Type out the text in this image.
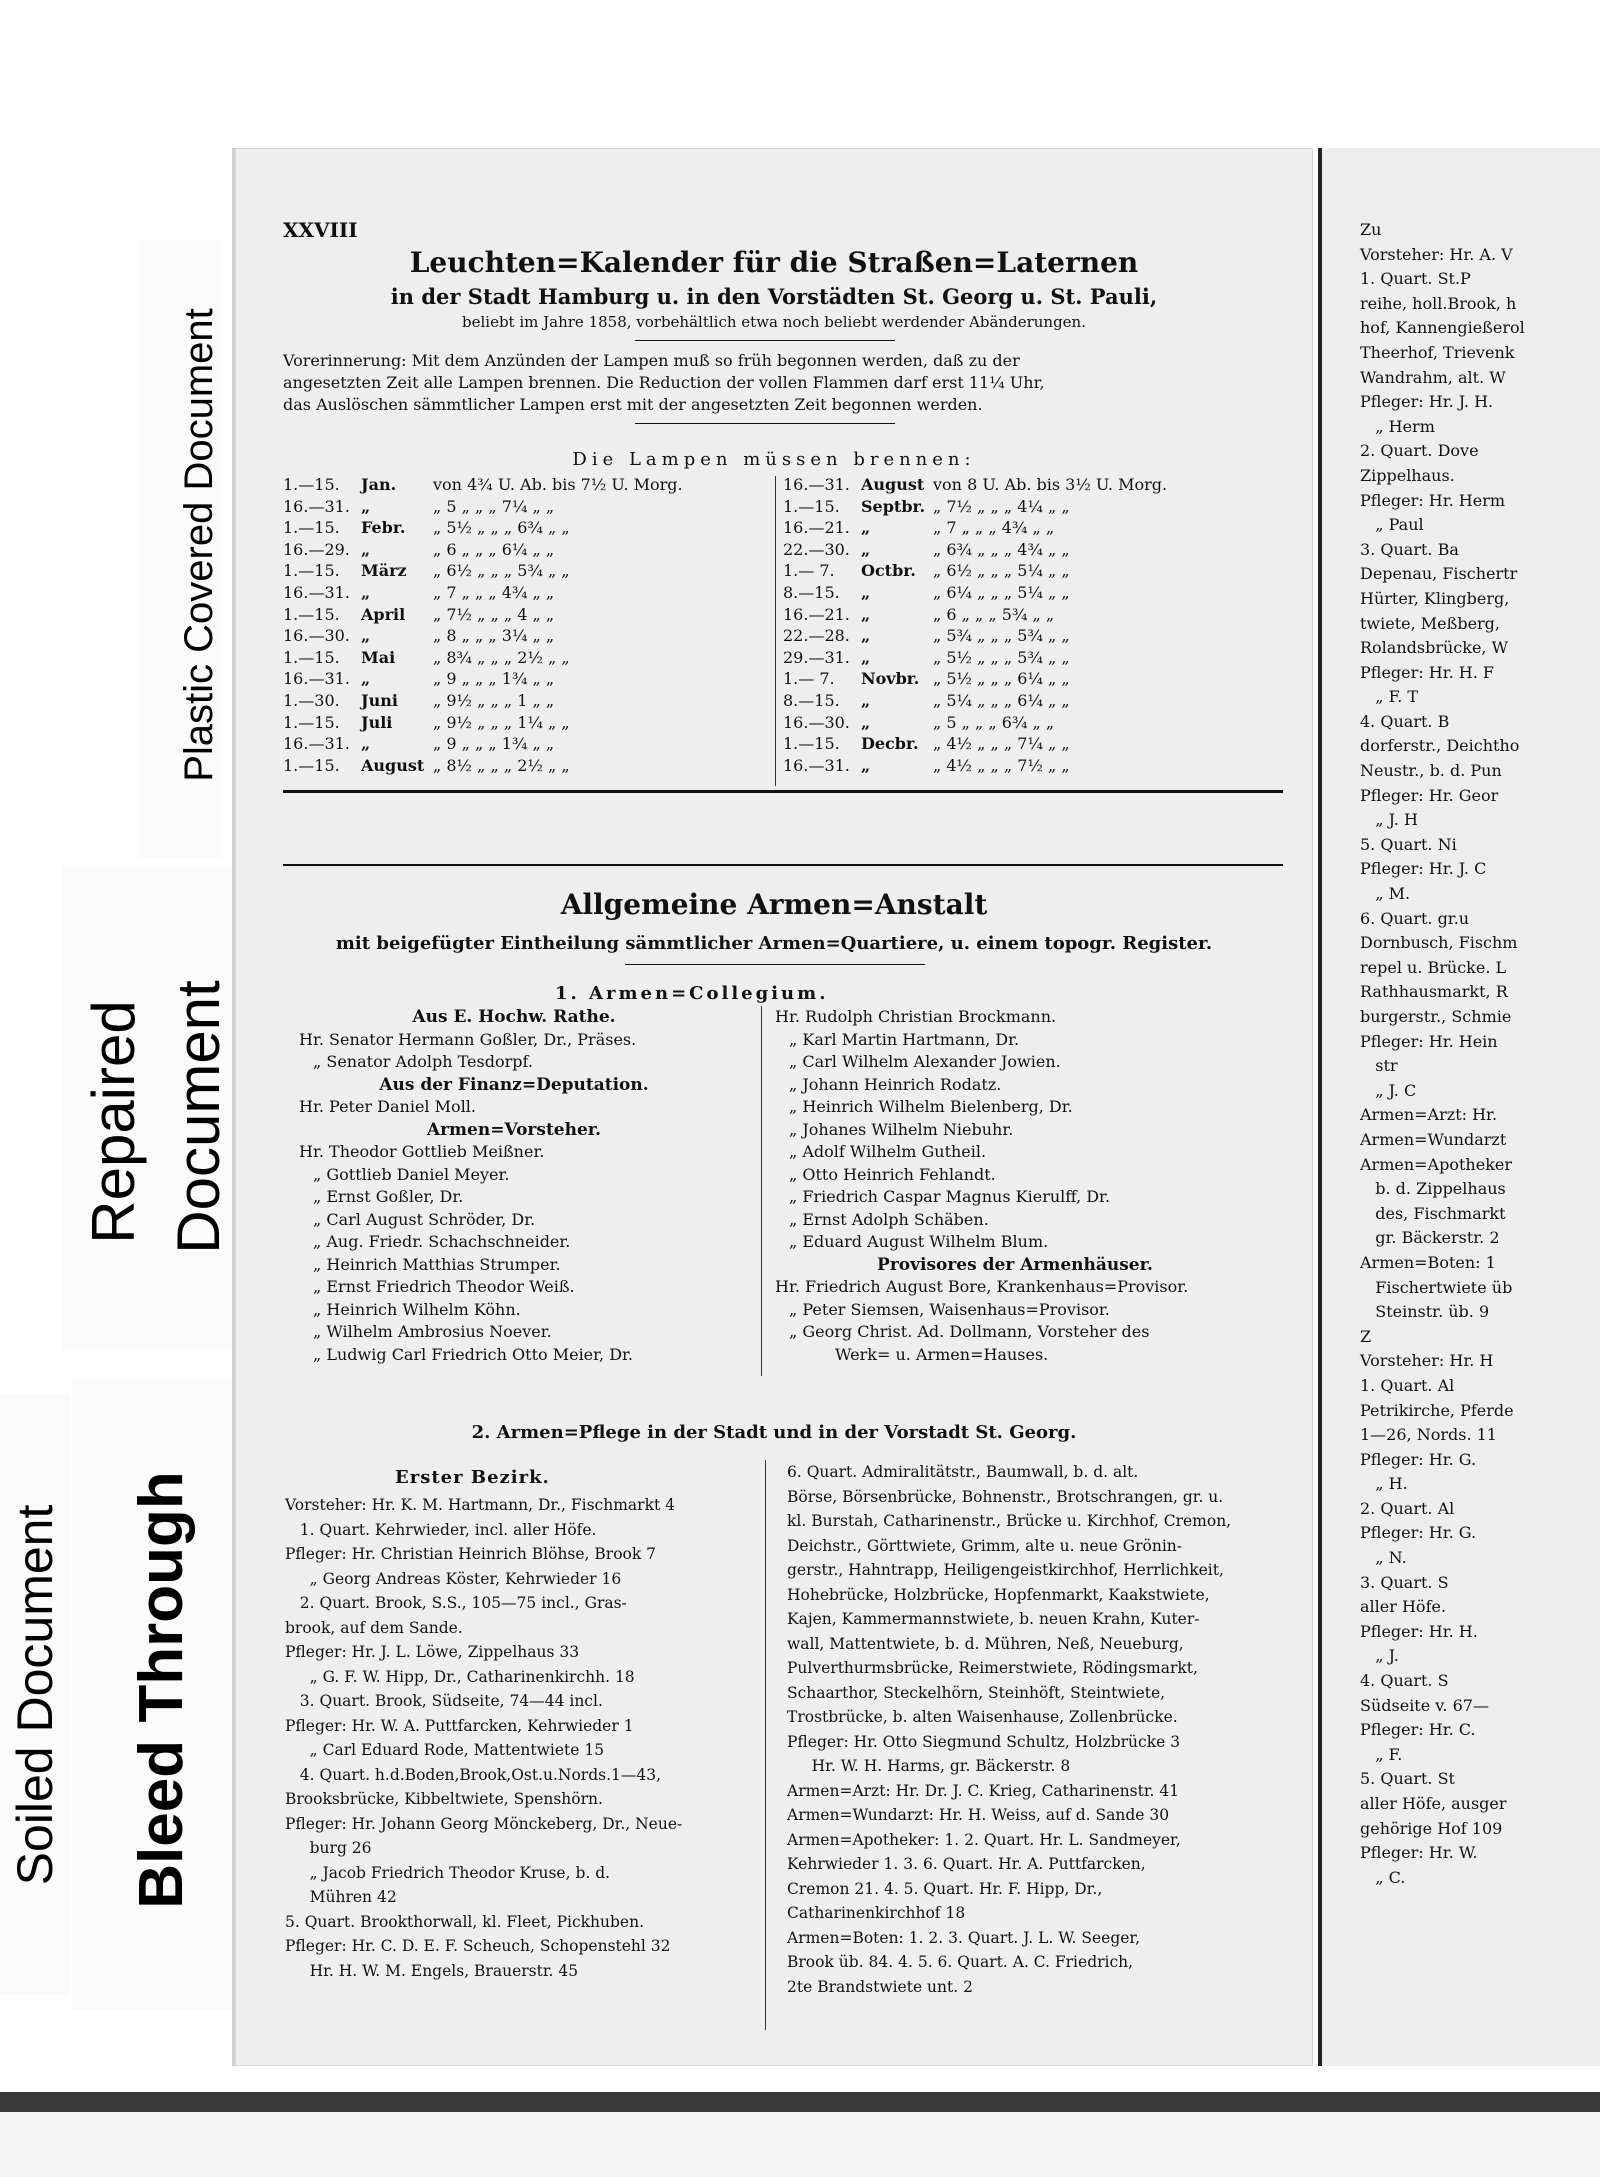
Plastic Covered Document
Repaired Document
Soiled Document Bleed Through
XXVIII
Leuchten=Kalender für die Straßen=Laternen
in der Stadt Hamburg u. in den Vorstädten St. Georg u. St. Pauli,
beliebt im Jahre 1858, vorbehältlich etwa noch beliebt werdender Abänderungen.
Vorerinnerung: Mit dem Anzünden der Lampen muß so früh begonnen werden, daß zu der
angesetzten Zeit alle Lampen brennen. Die Reduction der vollen Flammen darf erst 11¼ Uhr,
das Auslöschen sämmtlicher Lampen erst mit der angesetzten Zeit begonnen werden.
Die Lampen müssen brennen:
1.—15. Jan. von 4¾ U. Ab. bis 7½ U. Morg.
16.—31. „	„ 5 „ „ „ 7¼ „ „
1.—15. Febr. „ 5½ „ „ „ 6¾ „ „
16.—29. „	„ 6 „ „ „ 6¼ „ „
1.—15. März „ 6½ „ „ „ 5¾ „ „
16.—31. „	„ 7 „ „ „ 4¾ „ „
1.—15. April „ 7½ „ „ „ 4 „ „
16.—30. „	„ 8 „ „ „ 3¼ „ „
1.—15. Mai „ 8¾ „ „ „ 2½ „ „
16.—31. „	„ 9 „ „ „ 1¾ „ „
1.—30. Juni „ 9½ „ „ „ 1 „ „
1.—15. Juli	„ 9½ „ „ „ 1¼ „ „
16.—31. „	„ 9 „ „ „ 1¾ „ „
1.—15. August „ 8½ „ „ „ 2½ „ „
16.—31. August von 8 U. Ab. bis 3½ U. Morg.
1.—15. Septbr. „ 7½ „ „ „ 4¼ „ „
16.—21. „	„ 7 „ „ „ 4¾ „ „
22.—30. „	„ 6¾ „ „ „ 4¾ „ „
1.— 7. Octbr. „ 6½ „ „ „ 5¼ „ „
8.—15. „	„ 6¼ „ „ „ 5¼ „ „
16.—21. „	„ 6 „ „ „ 5¾ „ „
22.—28. „	„ 5¾ „ „ „ 5¾ „ „
29.—31. „	„ 5½ „ „ „ 5¾ „ „
1.— 7. Novbr. „ 5½ „ „ „ 6¼ „ „
8.—15. „	„ 5¼ „ „ „ 6¼ „ „
16.—30. „	„ 5 „ „ „ 6¾ „ „
1.—15. Decbr. „ 4½ „ „ „ 7¼ „ „
16.—31. „	„ 4½ „ „ „ 7½ „ „
Allgemeine Armen=Anstalt
mit beigefügter Eintheilung sämmtlicher Armen=Quartiere, u. einem topogr. Register.
1. Armen=Collegium.
Aus E. Hochw. Rathe.
Hr. Senator Hermann Goßler, Dr., Präses.
„ Senator Adolph Tesdorpf.
Aus der Finanz=Deputation.
Hr. Peter Daniel Moll.
Armen=Vorsteher.
Hr. Theodor Gottlieb Meißner.
„ Gottlieb Daniel Meyer.
„ Ernst Goßler, Dr.
„ Carl August Schröder, Dr.
„ Aug. Friedr. Schachschneider.
„ Heinrich Matthias Strumper.
„ Ernst Friedrich Theodor Weiß.
„ Heinrich Wilhelm Köhn.
„ Wilhelm Ambrosius Noever.
„ Ludwig Carl Friedrich Otto Meier, Dr.
Hr. Rudolph Christian Brockmann.
„ Karl Martin Hartmann, Dr.
„ Carl Wilhelm Alexander Jowien.
„ Johann Heinrich Rodatz.
„ Heinrich Wilhelm Bielenberg, Dr.
„ Johanes Wilhelm Niebuhr.
„ Adolf Wilhelm Gutheil.
„ Otto Heinrich Fehlandt.
„ Friedrich Caspar Magnus Kierulff, Dr.
„ Ernst Adolph Schäben.
„ Eduard August Wilhelm Blum.
Provisores der Armenhäuser.
Hr. Friedrich August Bore, Krankenhaus=Provisor.
„ Peter Siemsen, Waisenhaus=Provisor.
„ Georg Christ. Ad. Dollmann, Vorsteher des
Werk= u. Armen=Hauses.
2. Armen=Pflege in der Stadt und in der Vorstadt St. Georg.
Erster Bezirk.
Vorsteher: Hr. K. M. Hartmann, Dr., Fischmarkt 4
1. Quart. Kehrwieder, incl. aller Höfe.
Pfleger: Hr. Christian Heinrich Blöhse, Brook 7
„ Georg Andreas Köster, Kehrwieder 16
2. Quart. Brook, S.S., 105—75 incl., Gras-
brook, auf dem Sande.
Pfleger: Hr. J. L. Löwe, Zippelhaus 33
„ G. F. W. Hipp, Dr., Catharinenkirchh. 18
3. Quart. Brook, Südseite, 74—44 incl.
Pfleger: Hr. W. A. Puttfarcken, Kehrwieder 1
„ Carl Eduard Rode, Mattentwiete 15
4. Quart. h.d.Boden,Brook,Ost.u.Nords.1—43,
Brooksbrücke, Kibbeltwiete, Spenshörn.
Pfleger: Hr. Johann Georg Mönckeberg, Dr., Neue-
burg 26
„ Jacob Friedrich Theodor Kruse, b. d.
Mühren 42
5. Quart. Brookthorwall, kl. Fleet, Pickhuben.
Pfleger: Hr. C. D. E. F. Scheuch, Schopenstehl 32
Hr. H. W. M. Engels, Brauerstr. 45
6. Quart. Admiralitätstr., Baumwall, b. d. alt.
Börse, Börsenbrücke, Bohnenstr., Brotschrangen, gr. u.
kl. Burstah, Catharinenstr., Brücke u. Kirchhof, Cremon,
Deichstr., Görttwiete, Grimm, alte u. neue Grönin-
gerstr., Hahntrapp, Heiligengeistkirchhof, Herrlichkeit,
Hohebrücke, Holzbrücke, Hopfenmarkt, Kaakstwiete,
Kajen, Kammermannstwiete, b. neuen Krahn, Kuter-
wall, Mattentwiete, b. d. Mühren, Neß, Neueburg,
Pulverthurmsbrücke, Reimerstwiete, Rödingsmarkt,
Schaarthor, Steckelhörn, Steinhöft, Steintwiete,
Trostbrücke, b. alten Waisenhause, Zollenbrücke.
Pfleger: Hr. Otto Siegmund Schultz, Holzbrücke 3
Hr. W. H. Harms, gr. Bäckerstr. 8
Armen=Arzt: Hr. Dr. J. C. Krieg, Catharinenstr. 41
Armen=Wundarzt: Hr. H. Weiss, auf d. Sande 30
Armen=Apotheker: 1. 2. Quart. Hr. L. Sandmeyer,
Kehrwieder 1. 3. 6. Quart. Hr. A. Puttfarcken,
Cremon 21. 4. 5. Quart. Hr. F. Hipp, Dr.,
Catharinenkirchhof 18
Armen=Boten: 1. 2. 3. Quart. J. L. W. Seeger,
Brook üb. 84. 4. 5. 6. Quart. A. C. Friedrich,
2te Brandstwiete unt. 2
Zu
Vorsteher: Hr. A. V
1. Quart. St.P
reihe, holl.Brook, h
hof, Kannengießerol
Theerhof, Trievenk
Wandrahm, alt. W
Pfleger: Hr. J. H.
„ Herm
2. Quart. Dove
Zippelhaus.
Pfleger: Hr. Herm
„ Paul
3. Quart. Ba
Depenau, Fischertr
Hürter, Klingberg,
twiete, Meßberg,
Rolandsbrücke, W
Pfleger: Hr. H. F
„ F. T
4. Quart. B
dorferstr., Deichtho
Neustr., b. d. Pun
Pfleger: Hr. Geor
„ J. H
5. Quart. Ni
Pfleger: Hr. J. C
„ M.
6. Quart. gr.u
Dornbusch, Fischm
repel u. Brücke. L
Rathhausmarkt, R
burgerstr., Schmie
Pfleger: Hr. Hein
str
„ J. C
Armen=Arzt: Hr.
Armen=Wundarzt
Armen=Apotheker
b. d. Zippelhaus
des, Fischmarkt
gr. Bäckerstr. 2
Armen=Boten: 1
Fischertwiete üb
Steinstr. üb. 9
Z
Vorsteher: Hr. H
1. Quart. Al
Petrikirche, Pferde
1—26, Nords. 11
Pfleger: Hr. G.
„ H.
2. Quart. Al
Pfleger: Hr. G.
„ N.
3. Quart. S
aller Höfe.
Pfleger: Hr. H.
„ J.
4. Quart. S
Südseite v. 67—
Pfleger: Hr. C.
„ F.
5. Quart. St
aller Höfe, ausger
gehörige Hof 109
Pfleger: Hr. W.
„ C.
